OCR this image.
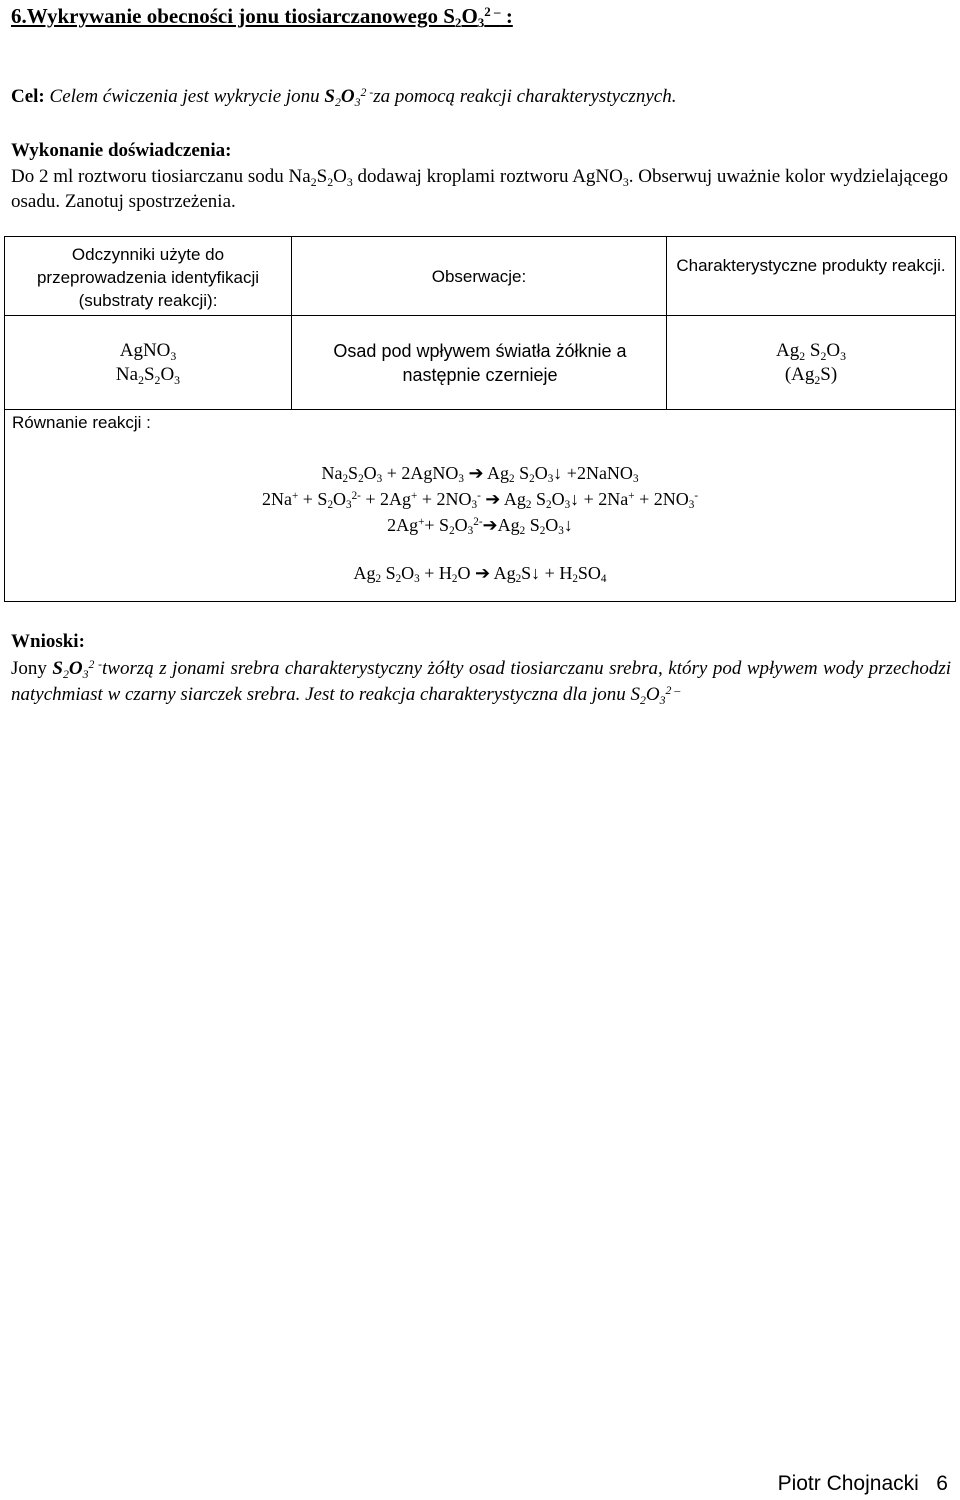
6.Wykrywanie obecności jonu tiosiarczanowego $S_2O_3^{2 -}$ :
Cel: Celem ćwiczenia jest wykrycie jonu $S_2O_3^{2 -}za$ pomocą reakcji charakterystycznych.
Wykonanie doświadczenia:
Do 2 ml roztworu tiosiarczanu sodu $Na_2S_2O_3$ dodawaj kroplami roztworu AgNO$_3$. Obserwuj uważnie kolor wydzielającego osadu. Zanotuj spostrzeżenia.
Odczynniki użyte do przeprowadzenia identyfikacji (substraty reakcji):
Obserwacje:
Charakterystyczne produkty reakcji.
AgNO$_3$
$Na_2S_2O_3$
Osad pod wpływem światła żółknie a następnie czernieje
$Ag_2$ $S_2O_3$
$(Ag_2S)$
Równanie reakcji :
$Na_2S_2O_3$ + 2AgNO$_3$ ➔ $Ag_2$ $S_2O_3↓$ +2NaNO$_3$
$2Na^+ + S_2O_3^{2-} + 2Ag^+ + 2NO_3^-$ ➔ $Ag_2$ $S_2O_3↓ + 2Na^+ + 2NO_3^-$
$2Ag^++ S_2O_3^{2-}➔Ag_2$ $S_2O_3↓$
$Ag_2$ $S_2O_3 + H_2O$ ➔ $Ag_2S↓ + H_2SO_4$
Wnioski:
Jony $S_2O_3^{2 -}tworzą$ z jonami srebra charakterystyczny żółty osad tiosiarczanu srebra, który pod wpływem wody przechodzi natychmiast w czarny siarczek srebra. Jest to reakcja charakterystyczna dla jonu $S_2O_3^{2 -}$
Piotr Chojnacki   6
